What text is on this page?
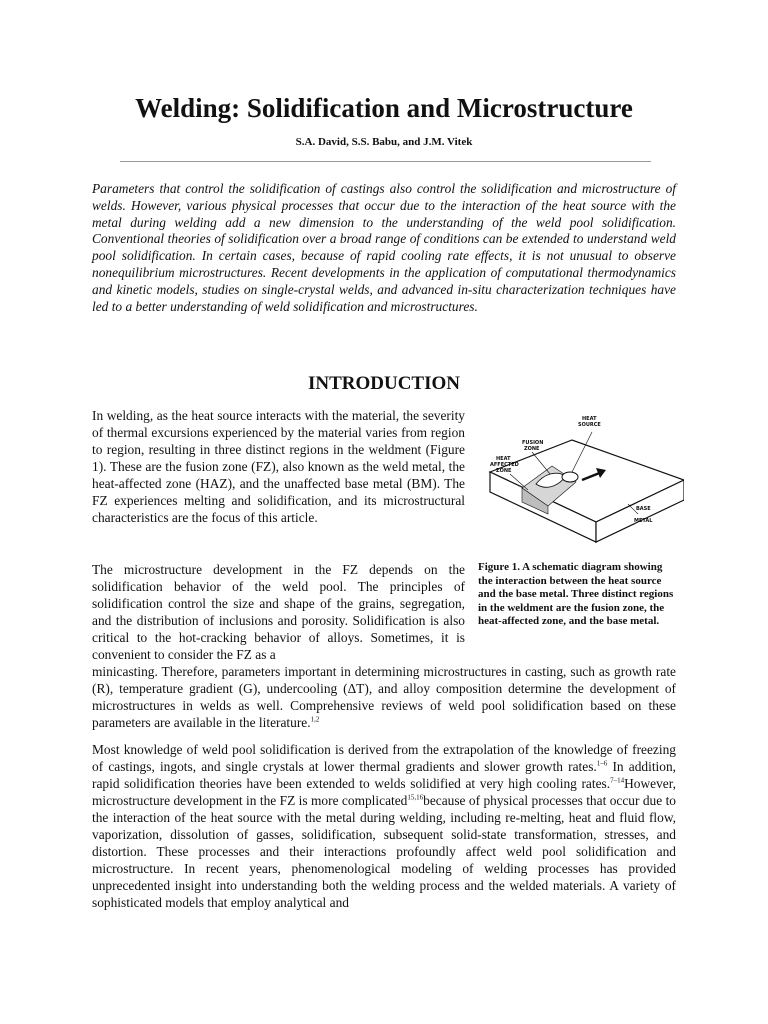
Welding: Solidification and Microstructure
S.A. David, S.S. Babu, and J.M. Vitek

Parameters that control the solidification of castings also control the solidification and microstructure of welds. However, various physical processes that occur due to the interaction of the heat source with the metal during welding add a new dimension to the understanding of the weld pool solidification. Conventional theories of solidification over a broad range of conditions can be extended to understand weld pool solidification. In certain cases, because of rapid cooling rate effects, it is not unusual to observe nonequilibrium microstructures. Recent developments in the application of computational thermodynamics and kinetic models, studies on single-crystal welds, and advanced in-situ characterization techniques have led to a better understanding of weld solidification and microstructures.

INTRODUCTION

In welding, as the heat source interacts with the material, the severity of thermal excursions experienced by the material varies from region to region, resulting in three distinct regions in the weldment (Figure 1). These are the fusion zone (FZ), also known as the weld metal, the heat-affected zone (HAZ), and the unaffected base metal (BM). The FZ experiences melting and solidification, and its microstructural characteristics are the focus of this article.

HEAT
SOURCE
FUSION
ZONE
HEAT
AFFECTED
ZONE
BASE
METAL

The microstructure development in the FZ depends on the solidification behavior of the weld pool. The principles of solidification control the size and shape of the grains, segregation, and the distribution of inclusions and porosity. Solidification is also critical to the hot-cracking behavior of alloys. Sometimes, it is convenient to consider the FZ as a

Figure 1. A schematic diagram showing the interaction between the heat source and the base metal. Three distinct regions in the weldment are the fusion zone, the heat-affected zone, and the base metal.

minicasting. Therefore, parameters important in determining microstructures in casting, such as growth rate (R), temperature gradient (G), undercooling (ΔT), and alloy composition determine the development of microstructures in welds as well. Comprehensive reviews of weld pool solidification based on these parameters are available in the literature.$^{1,2}$

Most knowledge of weld pool solidification is derived from the extrapolation of the knowledge of freezing of castings, ingots, and single crystals at lower thermal gradients and slower growth rates.$^{1-6}$ In addition, rapid solidification theories have been extended to welds solidified at very high cooling rates.$^{7-14}$However, microstructure development in the FZ is more complicated$^{15,16}$because of physical processes that occur due to the interaction of the heat source with the metal during welding, including re-melting, heat and fluid flow, vaporization, dissolution of gasses, solidification, subsequent solid-state transformation, stresses, and distortion. These processes and their interactions profoundly affect weld pool solidification and microstructure. In recent years, phenomenological modeling of welding processes has provided unprecedented insight into understanding both the welding process and the welded materials. A variety of sophisticated models that employ analytical and
